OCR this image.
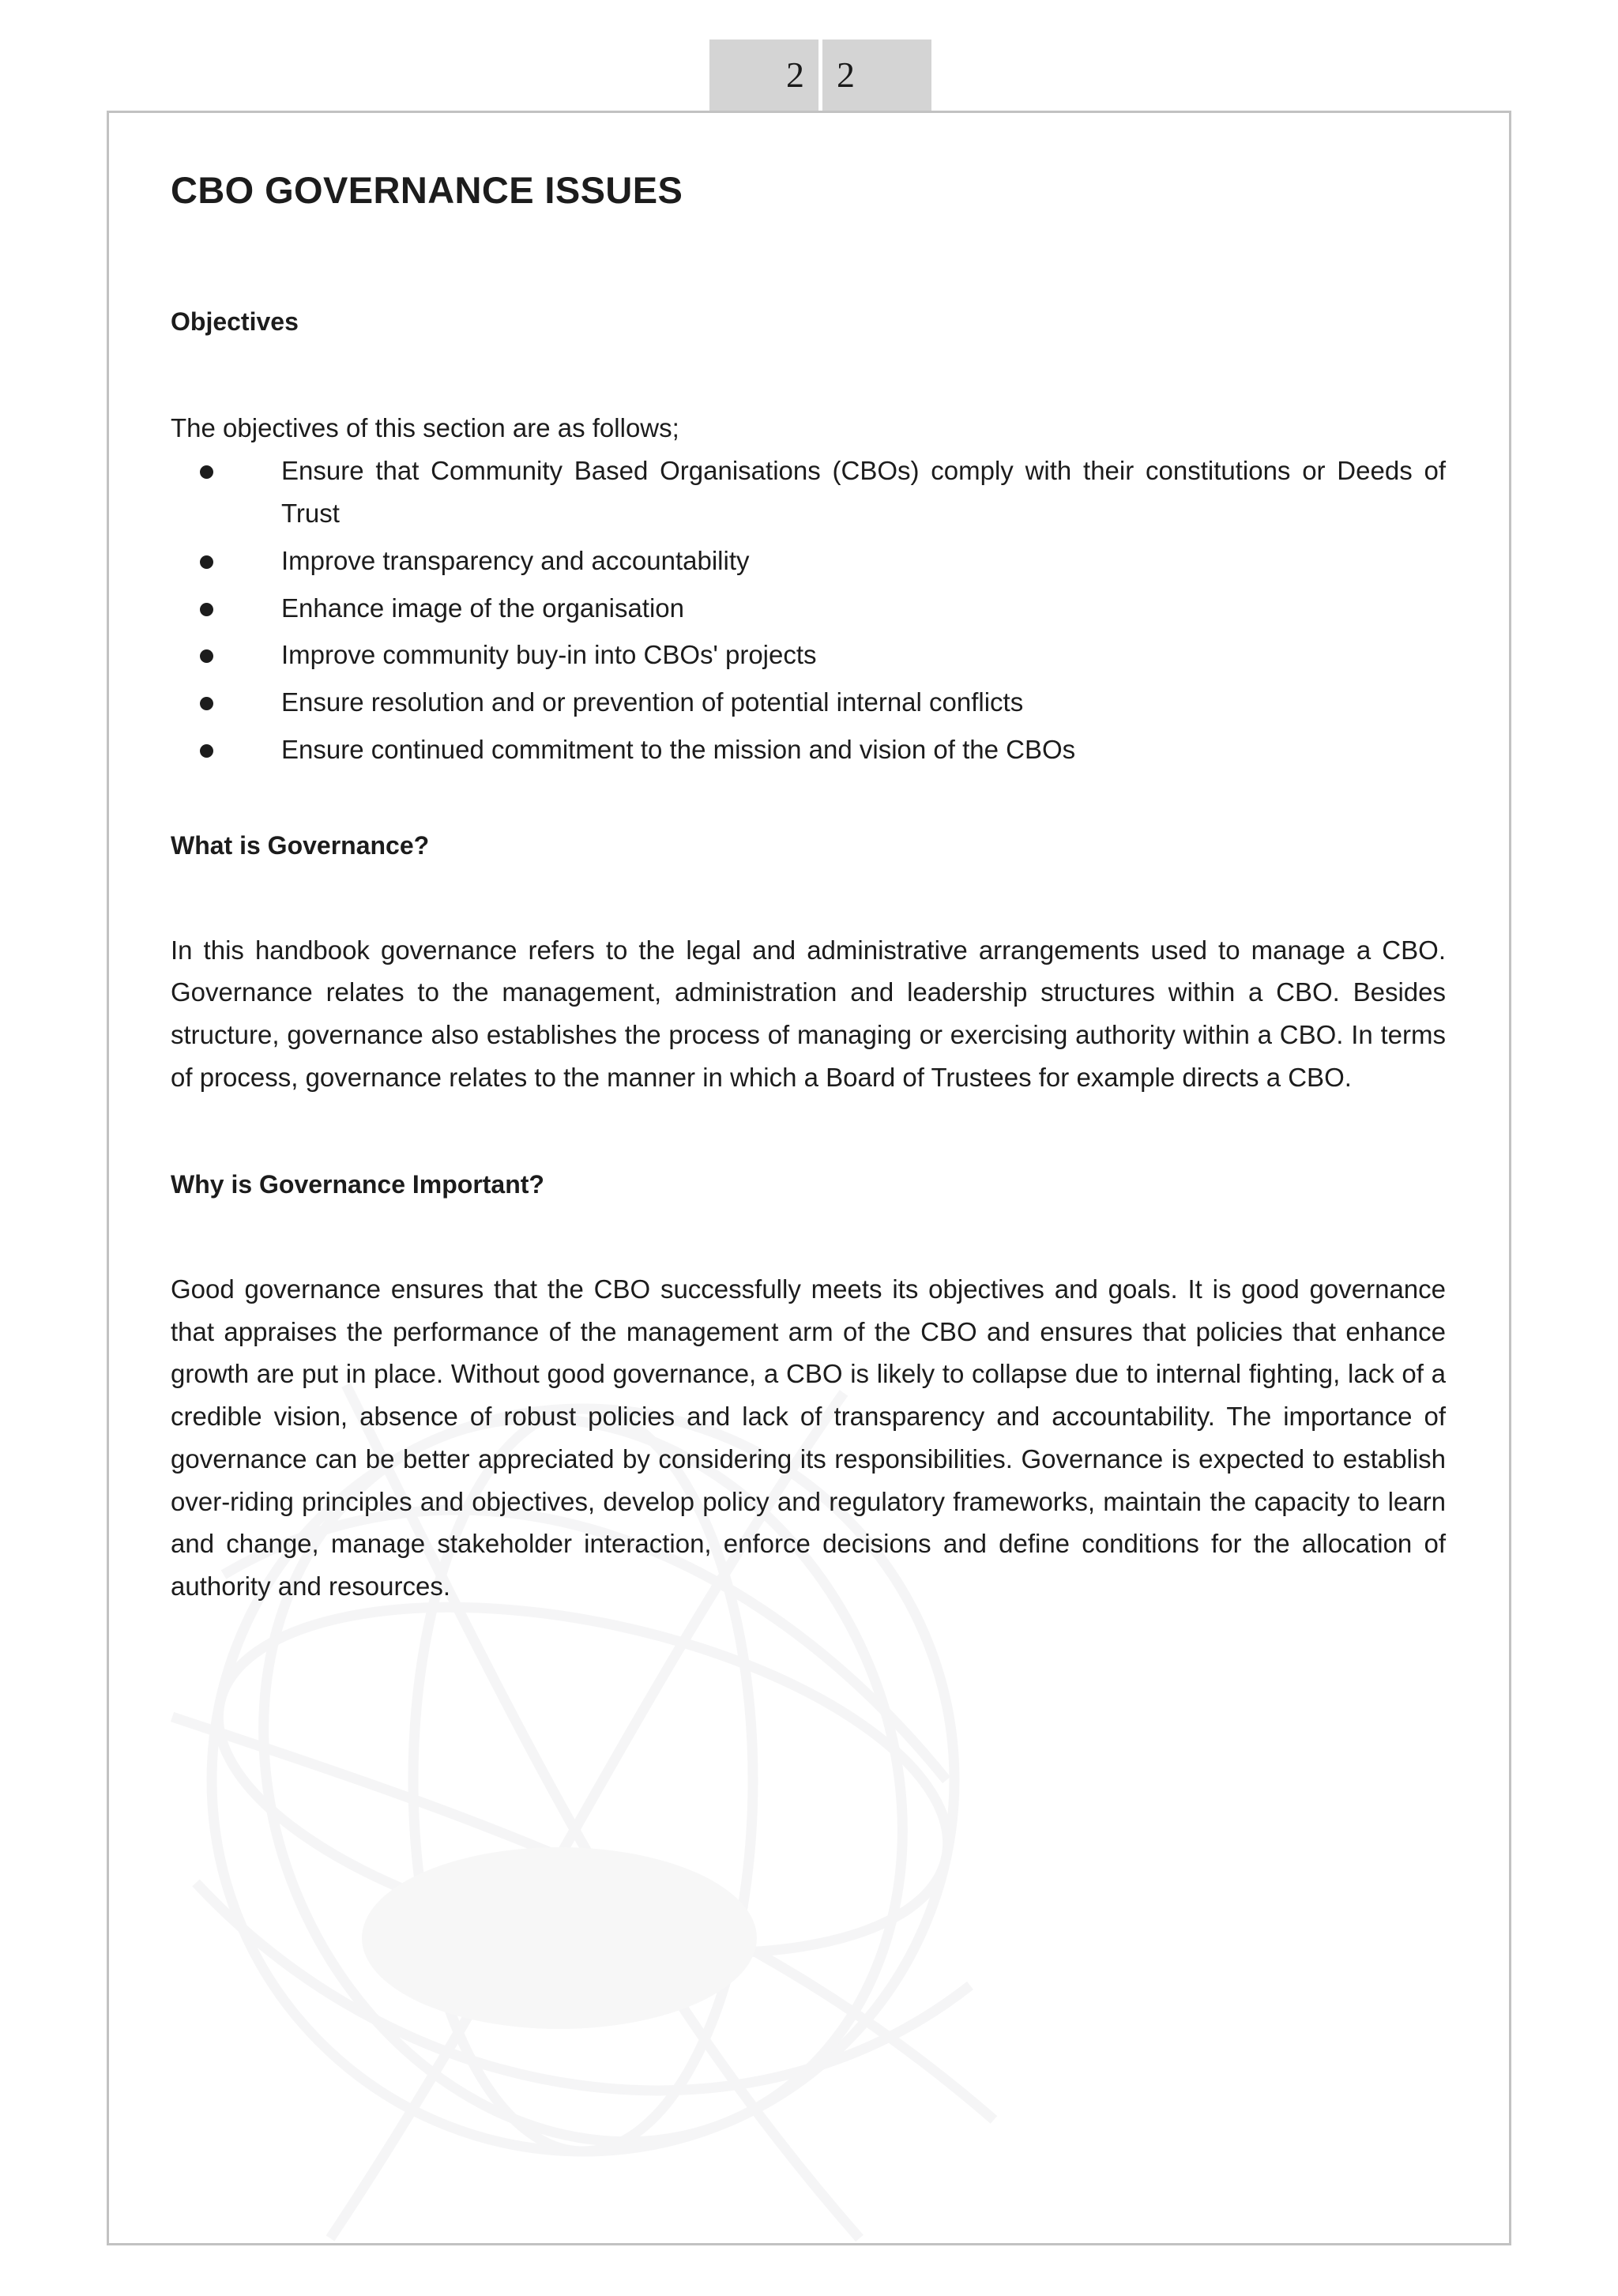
2 2
CBO GOVERNANCE ISSUES
Objectives

The objectives of this section are as follows;

Ensure that Community Based Organisations (CBOs) comply with their constitutions or Deeds of Trust
Improve transparency and accountability
Enhance image of the organisation
Improve community buy-in into CBOs' projects
Ensure resolution and or prevention of potential internal conflicts
Ensure continued commitment to the mission and vision of the CBOs
What is Governance?

In this handbook governance refers to the legal and administrative arrangements used to manage a CBO. Governance relates to the management, administration and leadership structures within a CBO. Besides structure, governance also establishes the process of managing or exercising authority within a CBO. In terms of process, governance relates to the manner in which a Board of Trustees for example directs a CBO.

Why is Governance Important?

Good governance ensures that the CBO successfully meets its objectives and goals. It is good governance that appraises the performance of the management arm of the CBO and ensures that policies that enhance growth are put in place. Without good governance, a CBO is likely to collapse due to internal fighting, lack of a credible vision, absence of robust policies and lack of transparency and accountability. The importance of governance can be better appreciated by considering its responsibilities. Governance is expected to establish over-riding principles and objectives, develop policy and regulatory frameworks, maintain the capacity to learn and change, manage stakeholder interaction, enforce decisions and define conditions for the allocation of authority and resources.
